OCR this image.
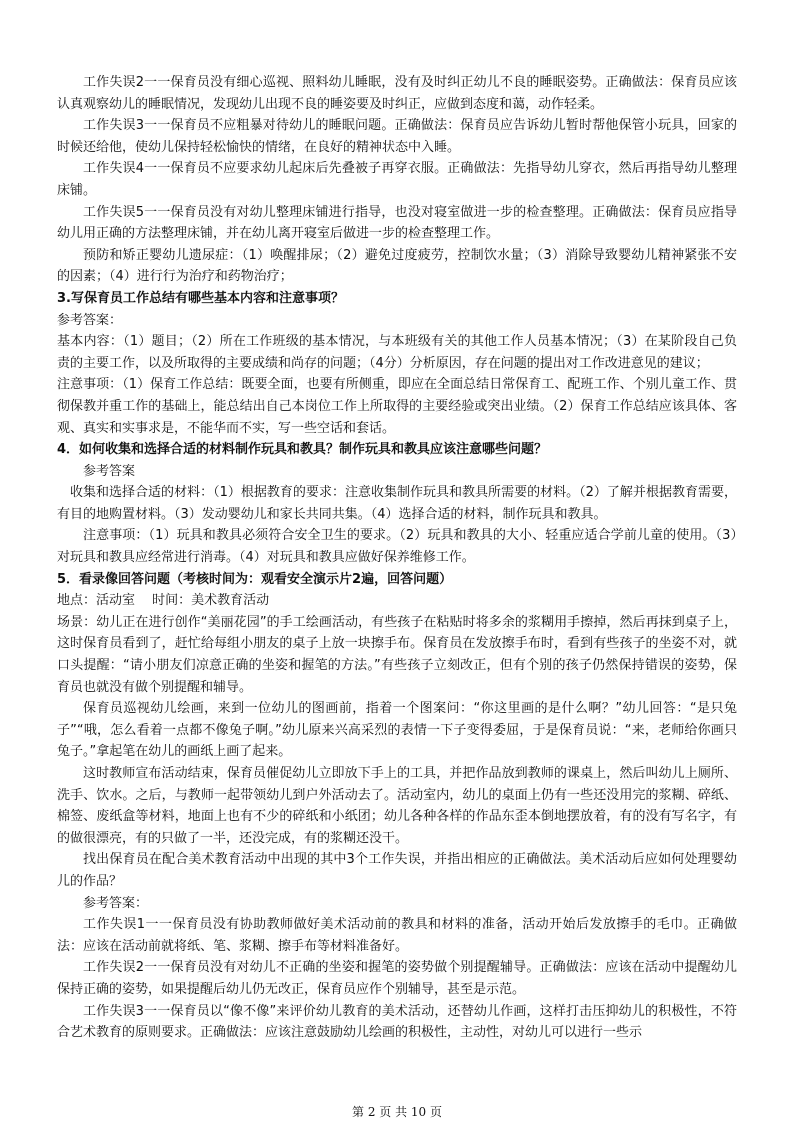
工作失误2一一保育员没有细心巡视、照料幼儿睡眠，没有及时纠正幼儿不良的睡眠姿势。正确做法：保育员应该认真观察幼儿的睡眠情况，发现幼儿出现不良的睡姿要及时纠正，应做到态度和蔼，动作轻柔。

工作失误3一一保育员不应粗暴对待幼儿的睡眠问题。正确做法：保育员应告诉幼儿暂时帮他保管小玩具，回家的时候还给他，使幼儿保持轻松愉快的情绪，在良好的精神状态中入睡。

工作失误4一一保育员不应要求幼儿起床后先叠被子再穿衣服。正确做法：先指导幼儿穿衣，然后再指导幼儿整理床铺。

工作失误5一一保育员没有对幼儿整理床铺进行指导，也没对寝室做进一步的检查整理。正确做法：保育员应指导幼儿用正确的方法整理床铺，并在幼儿离开寝室后做进一步的检查整理工作。

预防和矫正婴幼儿遗尿症：（1）唤醒排尿；（2）避免过度疲劳，控制饮水量；（3）消除导致婴幼儿精神紧张不安的因素；（4）进行行为治疗和药物治疗；

3.写保育员工作总结有哪些基本内容和注意事项？

参考答案：

基本内容：（1）题目；（2）所在工作班级的基本情况，与本班级有关的其他工作人员基本情况；（3）在某阶段自己负责的主要工作，以及所取得的主要成绩和尚存的问题；（4分）分析原因，存在问题的提出对工作改进意见的建议；

注意事项：（1）保育工作总结：既要全面，也要有所侧重，即应在全面总结日常保育工、配班工作、个别儿童工作、贯彻保教并重工作的基础上，能总结出自己本岗位工作上所取得的主要经验或突出业绩。（2）保育工作总结应该具体、客观、真实和实事求是，不能华而不实，写一些空话和套话。

4．如何收集和选择合适的材料制作玩具和教具？制作玩具和教具应该注意哪些问题？

参考答案

收集和选择合适的材料：（1）根据教育的要求：注意收集制作玩具和教具所需要的材料。（2）了解并根据教育需要，有目的地购置材料。（3）发动婴幼儿和家长共同共集。（4）选择合适的材料，制作玩具和教具。

注意事项：（1）玩具和教具必须符合安全卫生的要求。（2）玩具和教具的大小、轻重应适合学前儿童的使用。（3）对玩具和教具应经常进行消毒。（4）对玩具和教具应做好保养维修工作。

5．看录像回答问题（考核时间为：观看安全演示片2遍，回答问题）

地点：活动室　 时间：美术教育活动

场景：幼儿正在进行创作“美丽花园”的手工绘画活动，有些孩子在粘贴时将多余的浆糊用手擦掉，然后再抹到桌子上，这时保育员看到了，赶忙给每组小朋友的桌子上放一块擦手布。保育员在发放擦手布时，看到有些孩子的坐姿不对，就口头提醒：“请小朋友们凉意正确的坐姿和握笔的方法。”有些孩子立刻改正，但有个别的孩子仍然保持错误的姿势，保育员也就没有做个别提醒和辅导。

保育员巡视幼儿绘画，来到一位幼儿的图画前，指着一个图案问：“你这里画的是什么啊？”幼儿回答：“是只兔子”“哦，怎么看着一点都不像兔子啊。”幼儿原来兴高采烈的表情一下子变得委屈，于是保育员说：“来，老师给你画只兔子。”拿起笔在幼儿的画纸上画了起来。

这时教师宣布活动结束，保育员催促幼儿立即放下手上的工具，并把作品放到教师的课桌上，然后叫幼儿上厕所、洗手、饮水。之后，与教师一起带领幼儿到户外活动去了。活动室内，幼儿的桌面上仍有一些还没用完的浆糊、碎纸、棉签、废纸盒等材料，地面上也有不少的碎纸和小纸团；幼儿各种各样的作品东歪本倒地摆放着，有的没有写名字，有的做很漂亮，有的只做了一半，还没完成，有的浆糊还没干。

找出保育员在配合美术教育活动中出现的其中3个工作失误，并指出相应的正确做法。美术活动后应如何处理婴幼儿的作品？

参考答案：

工作失误1一一保育员没有协助教师做好美术活动前的教具和材料的准备，活动开始后发放擦手的毛巾。正确做法：应该在活动前就将纸、笔、浆糊、擦手布等材料准备好。

工作失误2一一保育员没有对幼儿不正确的坐姿和握笔的姿势做个别提醒辅导。正确做法：应该在活动中提醒幼儿保持正确的姿势，如果提醒后幼儿仍无改正，保育员应作个别辅导，甚至是示范。

工作失误3一一保育员以“像不像”来评价幼儿教育的美术活动，还替幼儿作画，这样打击压抑幼儿的积极性，不符合艺术教育的原则要求。正确做法：应该注意鼓励幼儿绘画的积极性，主动性，对幼儿可以进行一些示

第 2 页 共 10 页
